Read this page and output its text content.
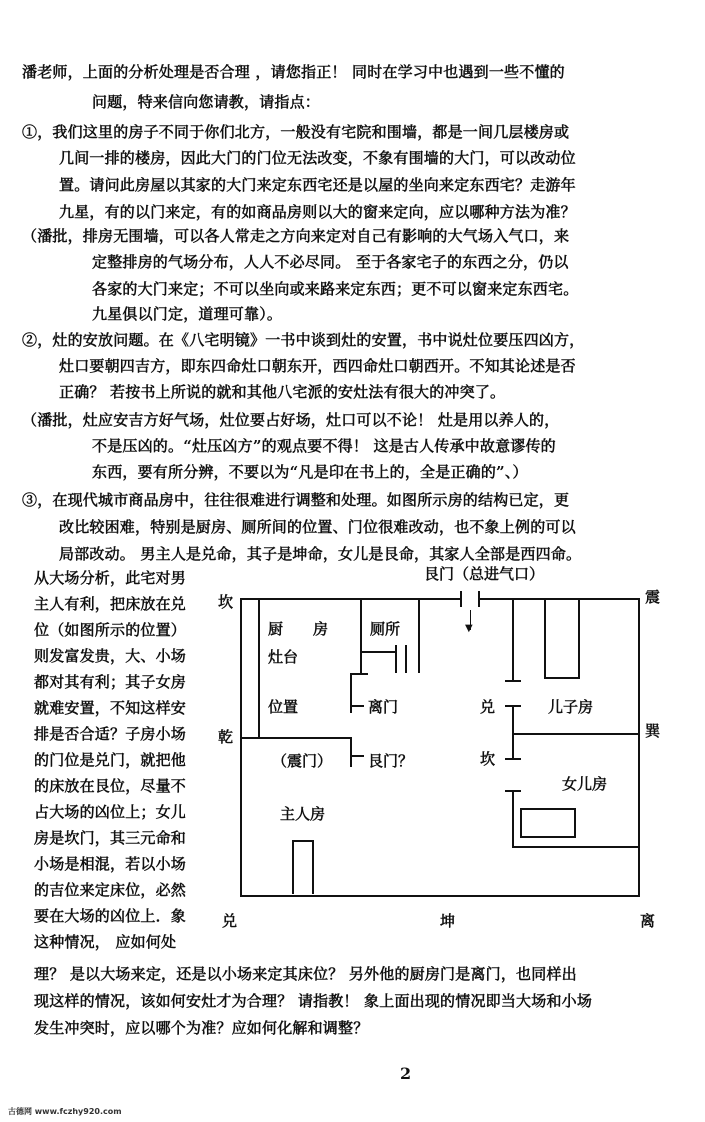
潘老师，上面的分析处理是否合理 ，请您指正！ 同时在学习中也遇到一些不懂的
问题，特来信向您请教，请指点：
①，我们这里的房子不同于你们北方，一般没有宅院和围墙，都是一间几层楼房或
几间一排的楼房，因此大门的门位无法改变，不象有围墙的大门，可以改动位
置。请问此房屋以其家的大门来定东西宅还是以屋的坐向来定东西宅？走游年
九星，有的以门来定，有的如商品房则以大的窗来定向，应以哪种方法为准？
（潘批，排房无围墙，可以各人常走之方向来定对自己有影响的大气场入气口，来
定整排房的气场分布，人人不必尽同。 至于各家宅子的东西之分，仍以
各家的大门来定；不可以坐向或来路来定东西；更不可以窗来定东西宅。
九星俱以门定，道理可靠）。
②，灶的安放问题。在《八宅明镜》一书中谈到灶的安置，书中说灶位要压四凶方，
灶口要朝四吉方，即东四命灶口朝东开，西四命灶口朝西开。不知其论述是否
正确？ 若按书上所说的就和其他八宅派的安灶法有很大的冲突了。
（潘批，灶应安吉方好气场，灶位要占好场，灶口可以不论！ 灶是用以养人的，
不是压凶的。“灶压凶方”的观点要不得！ 这是古人传承中故意谬传的
东西，要有所分辨，不要以为“凡是印在书上的，全是正确的”、）
③，在现代城市商品房中，往往很难进行调整和处理。如图所示房的结构已定，更
改比较困难，特别是厨房、厕所间的位置、门位很难改动，也不象上例的可以
局部改动。 男主人是兑命，其子是坤命，女儿是艮命，其家人全部是西四命。
从大场分析，此宅对男
主人有利，把床放在兑
位（如图所示的位置）
则发富发贵，大、小场
都对其有利；其子女房
就难安置，不知这样安
排是否合适？子房小场
的门位是兑门，就把他
的床放在艮位，尽量不
占大场的凶位上；女儿
房是坎门，其三元命和
小场是相混，若以小场
的吉位来定床位，必然
要在大场的凶位上．象
这种情况， 应如何处
▼
艮门（总进气口）
坎	震
乾	巽
兑	坤	离
厨　　房	厕所
灶台
位置	离门	兑	儿子房
（震门） 艮门？	坎
女儿房
主人房
理？ 是以大场来定，还是以小场来定其床位？ 另外他的厨房门是离门，也同样出
现这样的情况，该如何安灶才为合理？ 请指教！ 象上面出现的情况即当大场和小场
发生冲突时，应以哪个为准？应如何化解和调整？
2
古德网 www.fczhy920.com
